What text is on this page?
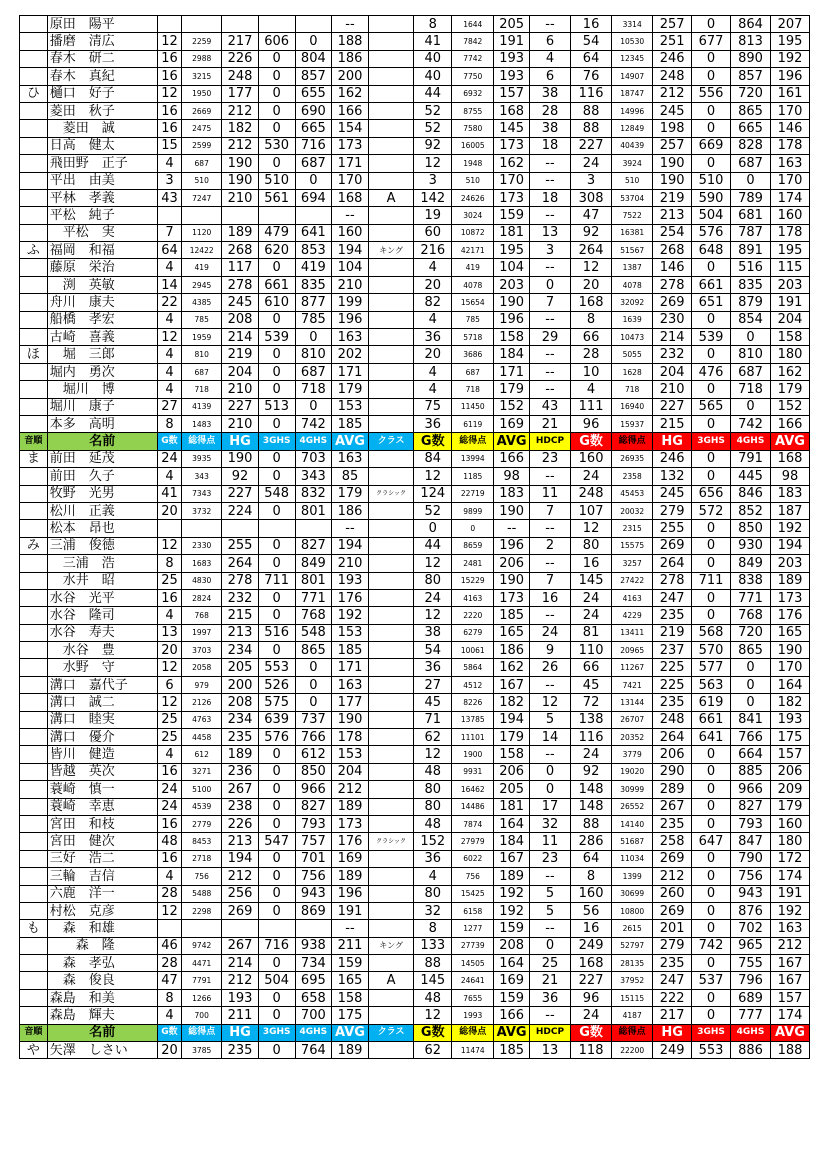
	原田　陽平						--		8	1644	205	--	16	3314	257	0	864	207
	播磨　清広	12	2259	217	606	0	188		41	7842	191	6	54	10530	251	677	813	195
	春木　研二	16	2988	226	0	804	186		40	7742	193	4	64	12345	246	0	890	192
	春木　真紀	16	3215	248	0	857	200		40	7750	193	6	76	14907	248	0	857	196
ひ	樋口　好子	12	1950	177	0	655	162		44	6932	157	38	116	18747	212	556	720	161
	菱田　秋子	16	2669	212	0	690	166		52	8755	168	28	88	14996	245	0	865	170
	　菱田　誠	16	2475	182	0	665	154		52	7580	145	38	88	12849	198	0	665	146
	日高　健太	15	2599	212	530	716	173		92	16005	173	18	227	40439	257	669	828	178
	飛田野　正子	4	687	190	0	687	171		12	1948	162	--	24	3924	190	0	687	163
	平出　由美	3	510	190	510	0	170		3	510	170	--	3	510	190	510	0	170
	平林　孝義	43	7247	210	561	694	168	A	142	24626	173	18	308	53704	219	590	789	174
	平松　純子						--		19	3024	159	--	47	7522	213	504	681	160
	　平松　実	7	1120	189	479	641	160		60	10872	181	13	92	16381	254	576	787	178
ふ	福岡　和福	64	12422	268	620	853	194	キング	216	42171	195	3	264	51567	268	648	891	195
	藤原　栄治	4	419	117	0	419	104		4	419	104	--	12	1387	146	0	516	115
	　渕　英敏	14	2945	278	661	835	210		20	4078	203	0	20	4078	278	661	835	203
	舟川　康夫	22	4385	245	610	877	199		82	15654	190	7	168	32092	269	651	879	191
	船橋　孝宏	4	785	208	0	785	196		4	785	196	--	8	1639	230	0	854	204
	古崎　喜義	12	1959	214	539	0	163		36	5718	158	29	66	10473	214	539	0	158
ほ	　堀　三郎	4	810	219	0	810	202		20	3686	184	--	28	5055	232	0	810	180
	堀内　勇次	4	687	204	0	687	171		4	687	171	--	10	1628	204	476	687	162
	　堀川　博	4	718	210	0	718	179		4	718	179	--	4	718	210	0	718	179
	堀川　康子	27	4139	227	513	0	153		75	11450	152	43	111	16940	227	565	0	152
	本多　高明	8	1483	210	0	742	185		36	6119	169	21	96	15937	215	0	742	166
音順	名前	G数	総得点	HG	3GHS	4GHS	AVG	クラス	G数	総得点	AVG	HDCP	G数	総得点	HG	3GHS	4GHS	AVG
ま	前田　延茂	24	3935	190	0	703	163		84	13994	166	23	160	26935	246	0	791	168
	前田　久子	4	343	92	0	343	85		12	1185	98	--	24	2358	132	0	445	98
	牧野　光男	41	7343	227	548	832	179	クラシック	124	22719	183	11	248	45453	245	656	846	183
	松川　正義	20	3732	224	0	801	186		52	9899	190	7	107	20032	279	572	852	187
	松本　昂也						--		0	0	--	--	12	2315	255	0	850	192
み	三浦　俊徳	12	2330	255	0	827	194		44	8659	196	2	80	15575	269	0	930	194
	　三浦　浩	8	1683	264	0	849	210		12	2481	206	--	16	3257	264	0	849	203
	　水井　昭	25	4830	278	711	801	193		80	15229	190	7	145	27422	278	711	838	189
	水谷　光平	16	2824	232	0	771	176		24	4163	173	16	24	4163	247	0	771	173
	水谷　隆司	4	768	215	0	768	192		12	2220	185	--	24	4229	235	0	768	176
	水谷　寿夫	13	1997	213	516	548	153		38	6279	165	24	81	13411	219	568	720	165
	　水谷　豊	20	3703	234	0	865	185		54	10061	186	9	110	20965	237	570	865	190
	　水野　守	12	2058	205	553	0	171		36	5864	162	26	66	11267	225	577	0	170
	溝口　嘉代子	6	979	200	526	0	163		27	4512	167	--	45	7421	225	563	0	164
	溝口　誠二	12	2126	208	575	0	177		45	8226	182	12	72	13144	235	619	0	182
	溝口　睦実	25	4763	234	639	737	190		71	13785	194	5	138	26707	248	661	841	193
	溝口　優介	25	4458	235	576	766	178		62	11101	179	14	116	20352	264	641	766	175
	皆川　健造	4	612	189	0	612	153		12	1900	158	--	24	3779	206	0	664	157
	皆越　英次	16	3271	236	0	850	204		48	9931	206	0	92	19020	290	0	885	206
	蓑崎　慎一	24	5100	267	0	966	212		80	16462	205	0	148	30999	289	0	966	209
	蓑崎　幸恵	24	4539	238	0	827	189		80	14486	181	17	148	26552	267	0	827	179
	宮田　和枝	16	2779	226	0	793	173		48	7874	164	32	88	14140	235	0	793	160
	宮田　健次	48	8453	213	547	757	176	クラシック	152	27979	184	11	286	51687	258	647	847	180
	三好　浩二	16	2718	194	0	701	169		36	6022	167	23	64	11034	269	0	790	172
	三輪　吉信	4	756	212	0	756	189		4	756	189	--	8	1399	212	0	756	174
	六鹿　洋一	28	5488	256	0	943	196		80	15425	192	5	160	30699	260	0	943	191
	村松　克彦	12	2298	269	0	869	191		32	6158	192	5	56	10800	269	0	876	192
も	　森　和雄						--		8	1277	159	--	16	2615	201	0	702	163
	　　森　隆	46	9742	267	716	938	211	キング	133	27739	208	0	249	52797	279	742	965	212
	　森　孝弘	28	4471	214	0	734	159		88	14505	164	25	168	28135	235	0	755	167
	　森　俊良	47	7791	212	504	695	165	A	145	24641	169	21	227	37952	247	537	796	167
	森島　和美	8	1266	193	0	658	158		48	7655	159	36	96	15115	222	0	689	157
	森島　輝夫	4	700	211	0	700	175		12	1993	166	--	24	4187	217	0	777	174
音順	名前	G数	総得点	HG	3GHS	4GHS	AVG	クラス	G数	総得点	AVG	HDCP	G数	総得点	HG	3GHS	4GHS	AVG
や	矢澤　しさい	20	3785	235	0	764	189		62	11474	185	13	118	22200	249	553	886	188
